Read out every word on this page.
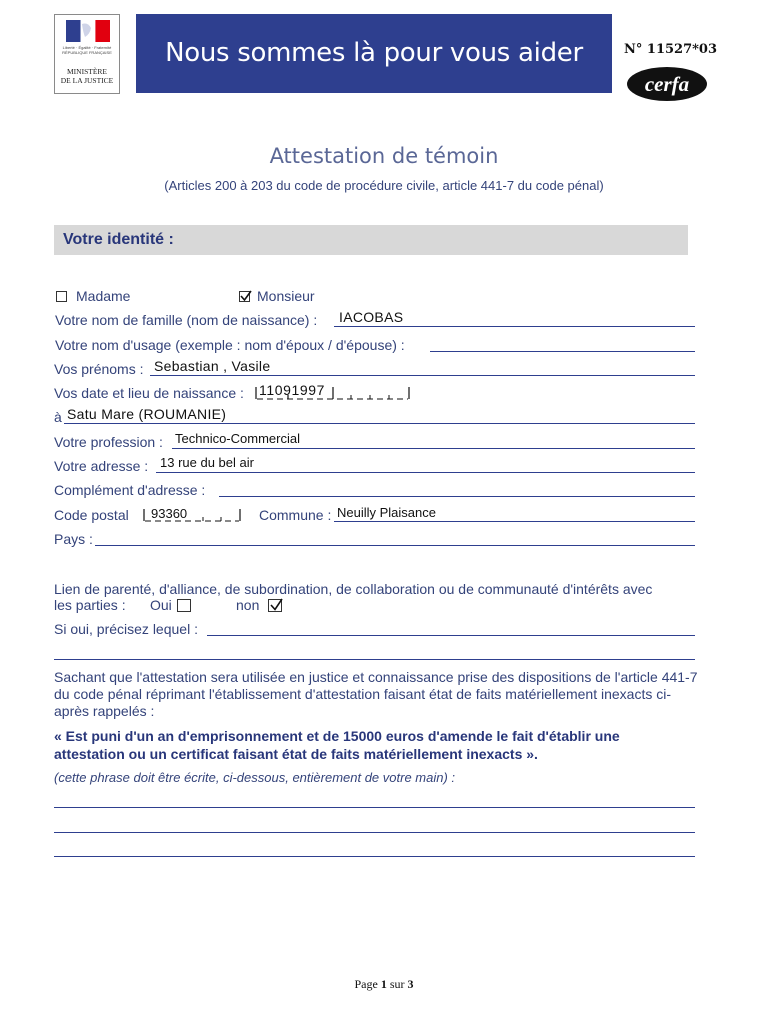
Liberté · Égalité · Fraternité RÉPUBLIQUE FRANÇAISE
MINISTÈRE
DE LA JUSTICE
Nous sommes là pour vous aider	N° 11527*03
cerfa
Attestation de témoin
(Articles 200 à 203 du code de procédure civile, article 441-7 du code pénal)
Votre identité :
Madame	Monsieur
Votre nom de famille (nom de naissance) : IACOBAS
Votre nom d'usage (exemple : nom d'époux / d'épouse) :
Vos prénoms : Sebastian , Vasile
Vos date et lieu de naissance : 11091997
à Satu Mare (ROUMANIE)
Votre profession : Technico-Commercial
Votre adresse : 13 rue du bel air
Complément d'adresse :
Code postal 93360	Commune : Neuilly Plaisance
Pays :
Lien de parenté, d'alliance, de subordination, de collaboration ou de communauté d'intérêts avec
les parties : Oui	non
Si oui, précisez lequel :
Sachant que l'attestation sera utilisée en justice et connaissance prise des dispositions de l'article 441-7 du code pénal réprimant l'établissement d'attestation faisant état de faits matériellement inexacts ci-après rappelés :
« Est puni d'un an d'emprisonnement et de 15000 euros d'amende le fait d'établir une attestation ou un certificat faisant état de faits matériellement inexacts ».
(cette phrase doit être écrite, ci-dessous, entièrement de votre main) :
Page 1 sur 3
